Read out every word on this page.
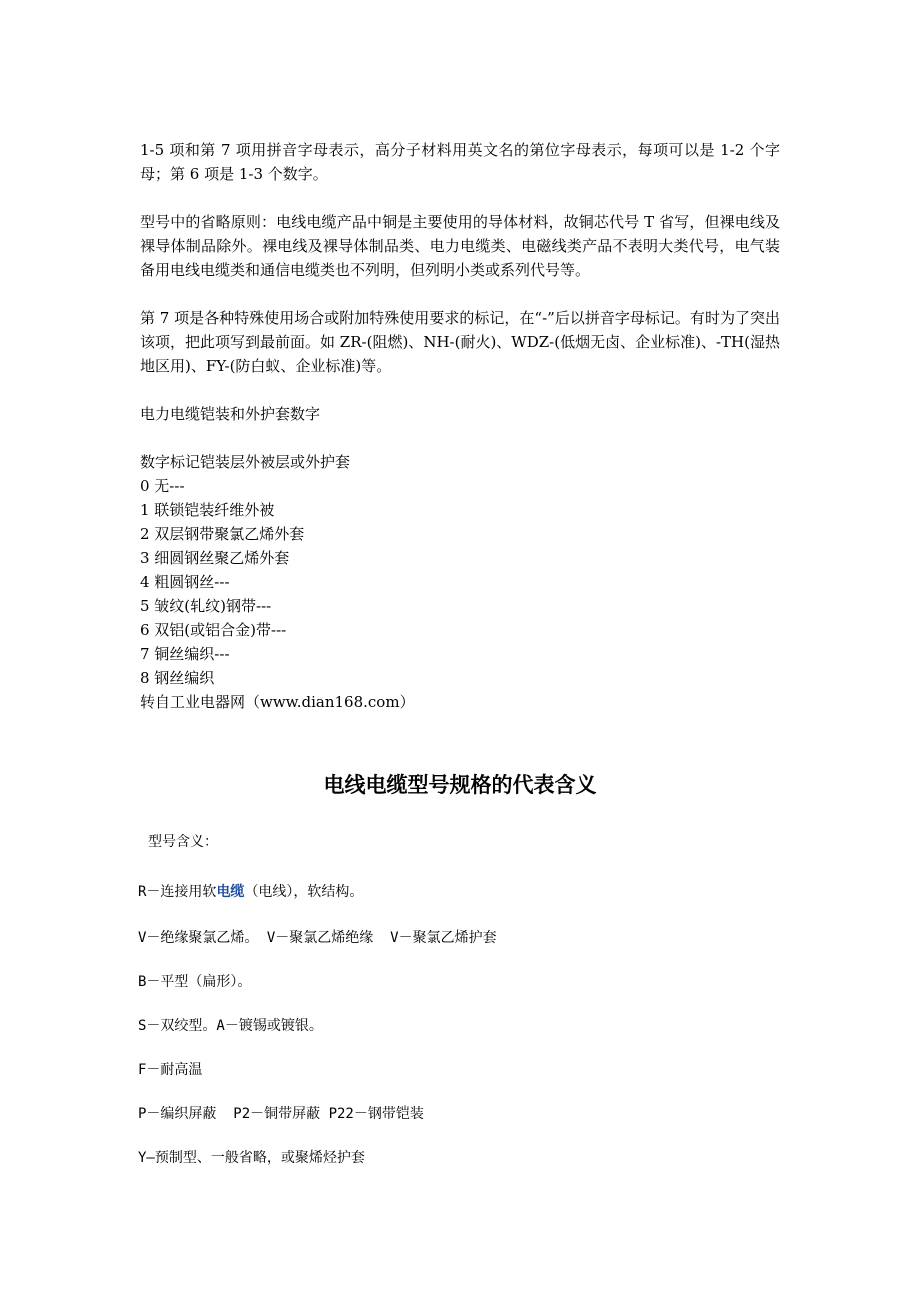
1-5 项和第 7 项用拼音字母表示，高分子材料用英文名的第位字母表示，每项可以是 1-2 个字母；第 6 项是 1-3 个数字。

型号中的省略原则：电线电缆产品中铜是主要使用的导体材料，故铜芯代号 T 省写，但裸电线及裸导体制品除外。裸电线及裸导体制品类、电力电缆类、电磁线类产品不表明大类代号，电气装备用电线电缆类和通信电缆类也不列明，但列明小类或系列代号等。

第 7 项是各种特殊使用场合或附加特殊使用要求的标记，在“-”后以拼音字母标记。有时为了突出该项，把此项写到最前面。如 ZR-(阻燃)、NH-(耐火)、WDZ-(低烟无卤、企业标准)、-TH(湿热地区用)、FY-(防白蚁、企业标准)等。

电力电缆铠装和外护套数字

数字标记铠装层外被层或外护套

0 无---

1 联锁铠装纤维外被

2 双层钢带聚氯乙烯外套

3 细圆钢丝聚乙烯外套

4 粗圆钢丝---

5 皱纹(轧纹)钢带---

6 双铝(或铝合金)带---

7 铜丝编织---

8 钢丝编织

转自工业电器网（www.dian168.com）

电线电缆型号规格的代表含义
型号含义：
R－连接用软电缆（电线），软结构。
V－绝缘聚氯乙烯。 V－聚氯乙烯绝缘  V－聚氯乙烯护套
B－平型（扁形）。
S－双绞型。A－镀锡或镀银。
F－耐高温
P－编织屏蔽  P2－铜带屏蔽 P22－钢带铠装
Y—预制型、一般省略，或聚烯烃护套
